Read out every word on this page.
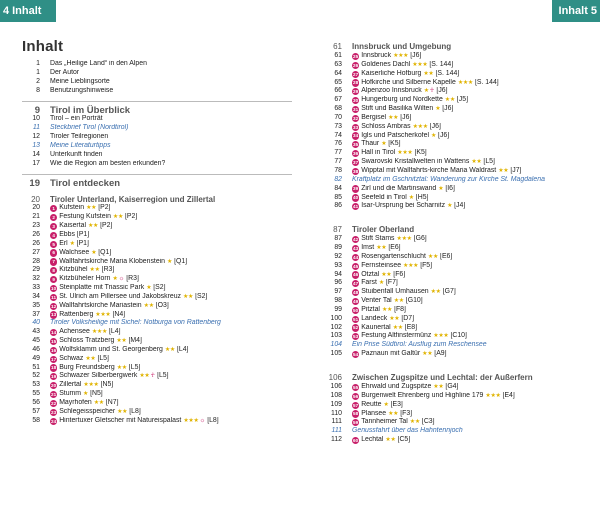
4 Inhalt	Inhalt 5
Inhalt
1 Das „Heilige Land“ in den Alpen
1 Der Autor
2 Meine Lieblingsorte
8 Benutzungshinweise
9 Tirol im Überblick
10 Tirol – ein Porträt
11 Steckbrief Tirol (Nordtirol)
12 Tiroler Teilregionen
13 Meine Literaturtipps
14 Unterkunft finden
17 Wie die Region am besten erkunden?
19 Tirol entdecken
20 Tiroler Unterland, Kaiserregion und Zillertal
20	1 Kufstein ★★ [P2]
21	2 Festung Kufstein ★★ [P2]
23	3 Kaisertal ★★ [P2]
26	4 Ebbs [P1]
26	5 Erl ★ [P1]
27	6 Walchsee ★ [Q1]
28	7 Wallfahrtskirche Maria Klobenstein ★ [Q1]
29	8 Kitzbühel ★★ [R3]
32	9 Kitzbüheler Horn ★ ☼ [R3]
33 10 Steinplatte mit Triassic Park ★ [S2]
34 11 St. Ulrich am Pillersee und Jakobskreuz ★★ [S2]
35 12 Wallfahrtskirche Mariastein ★★ [O3]
37 13 Rattenberg ★★★ [N4]
40 Tiroler Volksheilige mit Sichel: Notburga von Rattenberg
43 14 Achensee ★★★ [L4]
45 15 Schloss Tratzberg ★★ [M4]
46 16 Wolfsklamm und St. Georgenberg ★★ [L4]
49 17 Schwaz ★★ [L5]
51 18 Burg Freundsberg ★★ [L5]
52 19 Schwazer Silberbergwerk ★★ ☥ [L5]
53 20 Zillertal ★★★ [N5]
55 21 Stumm ★ [N5]
56 22 Mayrhofen ★★ [N7]
57 23 Schlegeisspeicher ★★ [L8]
58 24 Hintertuxer Gletscher mit Natureispalast ★★★ ☼ [L8]
61 Innsbruck und Umgebung
61 25 Innsbruck ★★★ [J6]
63 26 Goldenes Dachl ★★★ [S. 144]
64 27 Kaiserliche Hofburg ★★ [S. 144]
65 28 Hofkirche und Silberne Kapelle ★★★ [S. 144]
66 29 Alpenzoo Innsbruck ★ ☥ [J6]
67 30 Hungerburg und Nordkette ★★ [J5]
68 31 Stift und Basilika Wilten ★ [J6]
70 32 Bergisel ★★ [J6]
73 33 Schloss Ambras ★★★ [J6]
74 34 Igls und Patscherkofel ★ [J6]
76 35 Thaur ★ [K5]
77 36 Hall in Tirol ★★★ [K5]
77 37 Swarovski Kristallwelten in Wattens ★★ [L5]
78 38 Wipptal mit Wallfahrts-kirche Maria Waldrast ★★ [J7]
82 Kraftplatz im Gschnitztal: Wanderung zur Kirche St. Magdalena
84 39 Zirl und die Martinswand ★ [I6]
85 40 Seefeld in Tirol ★ [H5]
86 41 Isar-Ursprung bei Scharnitz ★ [J4]
87 Tiroler Oberland
87 42 Stift Stams ★★★ [G6]
89 43 Imst ★★ [E6]
92 44 Rosengartenschlucht ★★ [E6]
93 45 Fernsteinsee ★★★ [F5]
94 46 Ötztal ★★ [F6]
96 47 Farst ★ [F7]
97 48 Stuibenfall Umhausen ★★ [G7]
98 49 Venter Tal ★★ [G10]
99 50 Pitztal ★★ [F8]
100 51 Landeck ★★ [D7]
102 52 Kaunertal ★★ [E8]
103 53 Festung Altfinstermünz ★★★ [C10]
104 Ein Prise Südtirol: Ausflug zum Reschensee
105 54 Paznaun mit Galtür ★★ [A9]
106 Zwischen Zugspitze und Lechtal: der Außerfern
106 55 Ehrwald und Zugspitze ★★ [G4]
108 56 Burgenwelt Ehrenberg und Highline 179 ★★★ [E4]
109 57 Reutte ★ [E3]
110 58 Plansee ★★ [F3]
111 59 Tannheimer Tal ★★ [C3]
111 Genussfahrt über das Hahntennjoch
112 60 Lechtal ★★ [C5]
